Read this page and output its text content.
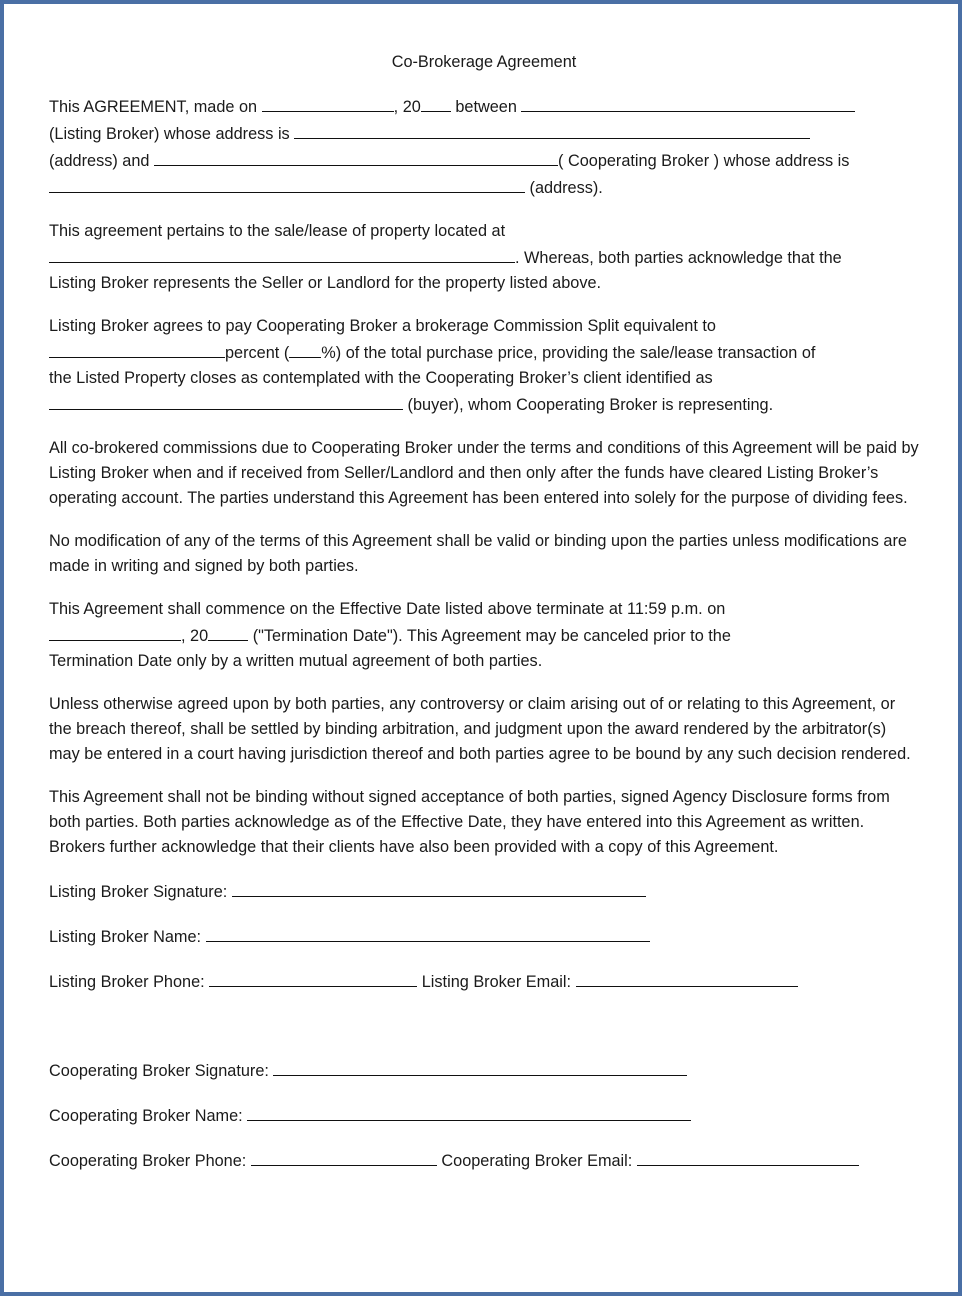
Co-Brokerage Agreement

This AGREEMENT, made on	, 20 between
(Listing Broker) whose address is
(address) and	( Cooperating Broker ) whose address is
(address).

This agreement pertains to the sale/lease of property located at
. Whereas, both parties acknowledge that the
Listing Broker represents the Seller or Landlord for the property listed above.

Listing Broker agrees to pay Cooperating Broker a brokerage Commission Split equivalent to
percent ( %) of the total purchase price, providing the sale/lease transaction of
the Listed Property closes as contemplated with the Cooperating Broker’s client identified as
(buyer), whom Cooperating Broker is representing.

All co-brokered commissions due to Cooperating Broker under the terms and conditions of this Agreement will be paid by Listing Broker when and if received from Seller/Landlord and then only after the funds have cleared Listing Broker’s operating account. The parties understand this Agreement has been entered into solely for the purpose of dividing fees.

No modification of any of the terms of this Agreement shall be valid or binding upon the parties unless modifications are made in writing and signed by both parties.

This Agreement shall commence on the Effective Date listed above terminate at 11:59 p.m. on
, 20	("Termination Date"). This Agreement may be canceled prior to the
Termination Date only by a written mutual agreement of both parties.

Unless otherwise agreed upon by both parties, any controversy or claim arising out of or relating to this Agreement, or the breach thereof, shall be settled by binding arbitration, and judgment upon the award rendered by the arbitrator(s) may be entered in a court having jurisdiction thereof and both parties agree to be bound by any such decision rendered.

This Agreement shall not be binding without signed acceptance of both parties, signed Agency Disclosure forms from both parties. Both parties acknowledge as of the Effective Date, they have entered into this Agreement as written. Brokers further acknowledge that their clients have also been provided with a copy of this Agreement.

Listing Broker Signature:
Listing Broker Name:
Listing Broker Phone:	Listing Broker Email:
Cooperating Broker Signature:
Cooperating Broker Name:
Cooperating Broker Phone:	Cooperating Broker Email:
